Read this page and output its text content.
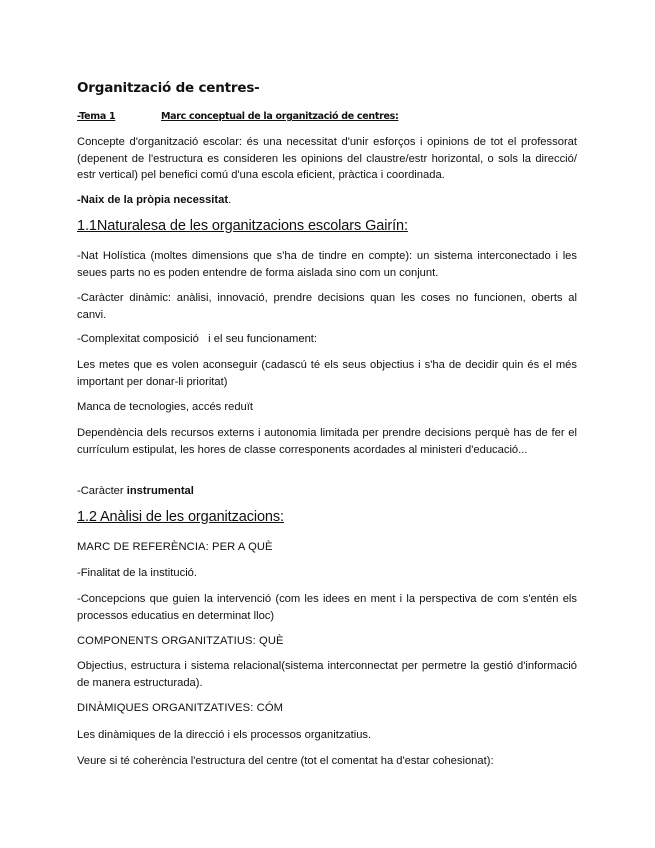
Organització de centres-
-Tema 1	Marc conceptual de la organització de centres:
Concepte d'organització escolar: és una necessitat d'unir esforços i opinions de tot el professorat (depenent de l'estructura es consideren les opinions del claustre/estr horizontal, o sols la direcció/ estr vertical) pel benefici comú d'una escola eficient, pràctica i coordinada.
-Naix de la pròpia necessitat.
1.1Naturalesa de les organitzacions escolars Gairín:
-Nat Holística (moltes dimensions que s'ha de tindre en compte): un sistema interconectado i les seues parts no es poden entendre de forma aislada sino com un conjunt.
-Caràcter dinàmic: anàlisi, innovació, prendre decisions quan les coses no funcionen, oberts al canvi.
-Complexitat composició   i el seu funcionament:
Les metes que es volen aconseguir (cadascú té els seus objectius i s'ha de decidir quin és el més important per donar-li prioritat)
Manca de tecnologies, accés reduït
Dependència dels recursos externs i autonomia limitada per prendre decisions perquè has de fer el currículum estipulat, les hores de classe corresponents acordades al ministeri d'educació...
-Caràcter instrumental
1.2 Anàlisi de les organitzacions:
MARC DE REFERÈNCIA: PER A QUÈ
-Finalitat de la institució.
-Concepcions que guien la intervenció (com les idees en ment i la perspectiva de com s'entén els processos educatius en determinat lloc)
COMPONENTS ORGANITZATIUS: QUÈ
Objectius, estructura i sistema relacional(sistema interconnectat per permetre la gestió d'informació de manera estructurada).
DINÀMIQUES ORGANITZATIVES: CÓM
Les dinàmiques de la direcció i els processos organitzatius.
Veure si té coherència l'estructura del centre (tot el comentat ha d'estar cohesionat):
